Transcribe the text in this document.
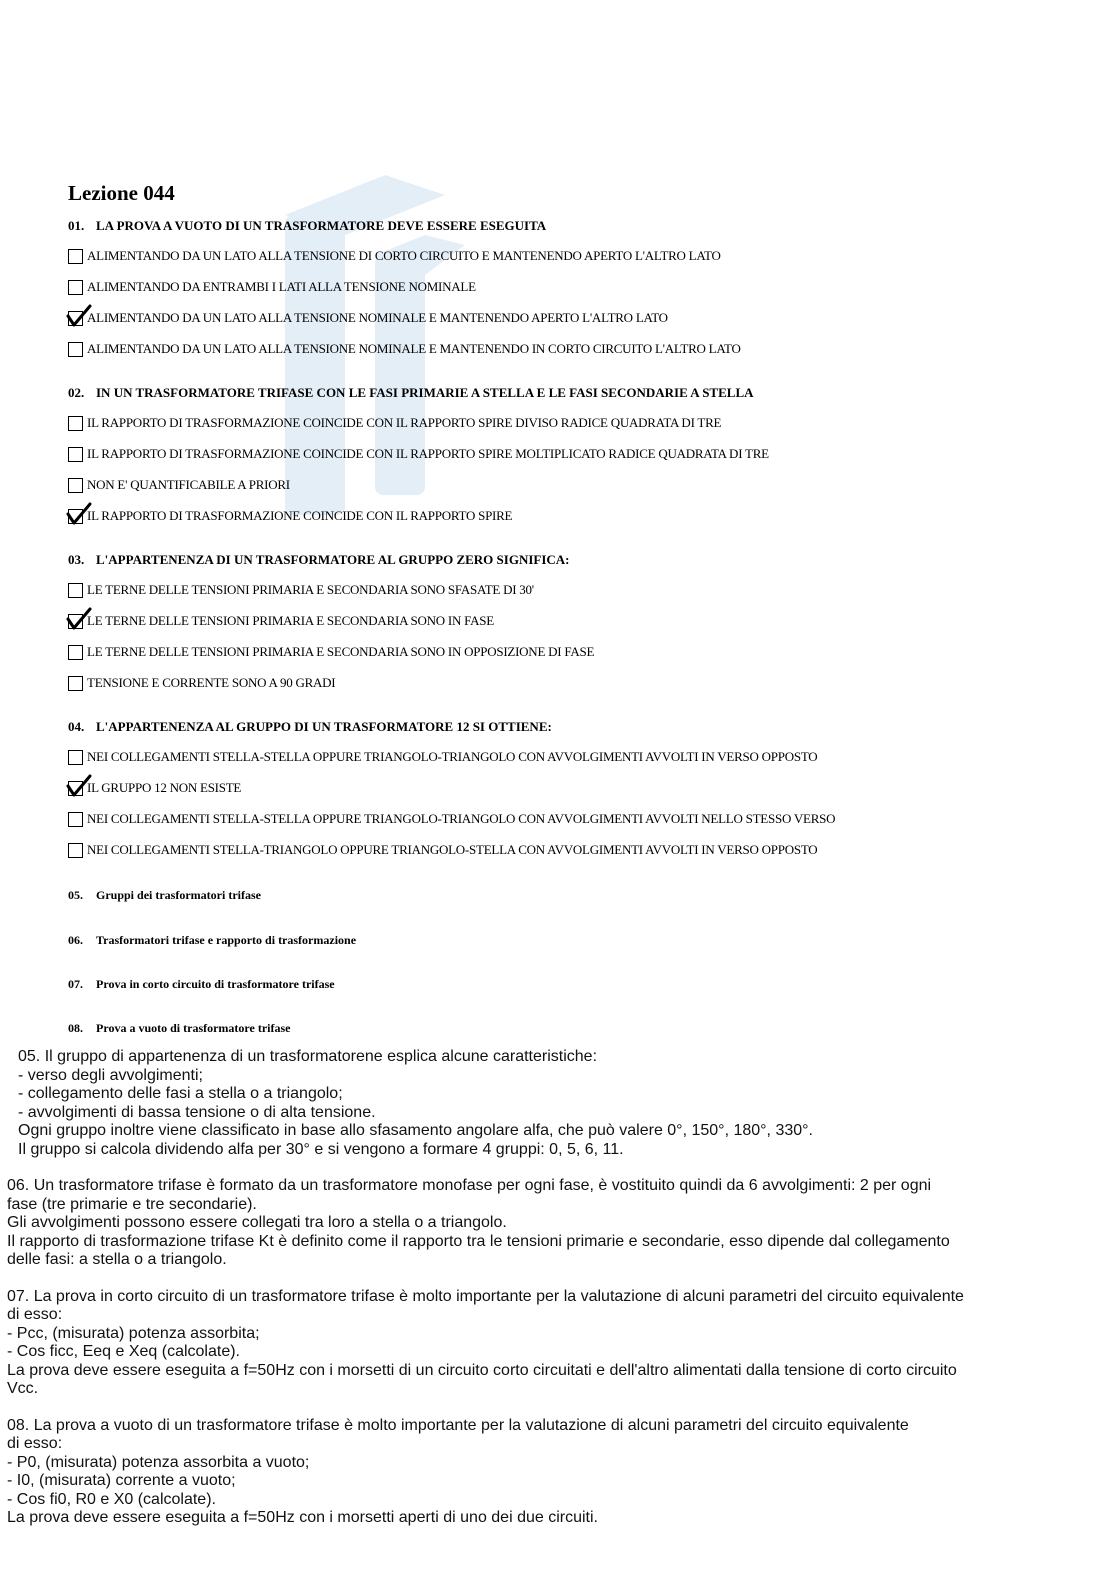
Lezione 044
01. LA PROVA A VUOTO DI UN TRASFORMATORE DEVE ESSERE ESEGUITA
ALIMENTANDO DA UN LATO ALLA TENSIONE DI CORTO CIRCUITO E MANTENENDO APERTO L'ALTRO LATO
ALIMENTANDO DA ENTRAMBI I LATI ALLA TENSIONE NOMINALE
ALIMENTANDO DA UN LATO ALLA TENSIONE NOMINALE E MANTENENDO APERTO L'ALTRO LATO
ALIMENTANDO DA UN LATO ALLA TENSIONE NOMINALE E MANTENENDO IN CORTO CIRCUITO L'ALTRO LATO
02. IN UN TRASFORMATORE TRIFASE CON LE FASI PRIMARIE A STELLA E LE FASI SECONDARIE A STELLA
IL RAPPORTO DI TRASFORMAZIONE COINCIDE CON IL RAPPORTO SPIRE DIVISO RADICE QUADRATA DI TRE
IL RAPPORTO DI TRASFORMAZIONE COINCIDE CON IL RAPPORTO SPIRE MOLTIPLICATO RADICE QUADRATA DI TRE
NON E' QUANTIFICABILE A PRIORI
IL RAPPORTO DI TRASFORMAZIONE COINCIDE CON IL RAPPORTO SPIRE
03. L'APPARTENENZA DI UN TRASFORMATORE AL GRUPPO ZERO SIGNIFICA:
LE TERNE DELLE TENSIONI PRIMARIA E SECONDARIA SONO SFASATE DI 30'
LE TERNE DELLE TENSIONI PRIMARIA E SECONDARIA SONO IN FASE
LE TERNE DELLE TENSIONI PRIMARIA E SECONDARIA SONO IN OPPOSIZIONE DI FASE
TENSIONE E CORRENTE SONO A 90 GRADI
04. L'APPARTENENZA AL GRUPPO DI UN TRASFORMATORE 12 SI OTTIENE:
NEI COLLEGAMENTI STELLA-STELLA OPPURE TRIANGOLO-TRIANGOLO CON AVVOLGIMENTI AVVOLTI IN VERSO OPPOSTO
IL GRUPPO 12 NON ESISTE
NEI COLLEGAMENTI STELLA-STELLA OPPURE TRIANGOLO-TRIANGOLO CON AVVOLGIMENTI AVVOLTI NELLO STESSO VERSO
NEI COLLEGAMENTI STELLA-TRIANGOLO OPPURE TRIANGOLO-STELLA CON AVVOLGIMENTI AVVOLTI IN VERSO OPPOSTO
05. Gruppi dei trasformatori trifase
06. Trasformatori trifase e rapporto di trasformazione
07. Prova in corto circuito di trasformatore trifase
08. Prova a vuoto di trasformatore trifase
05. Il gruppo di appartenenza di un trasformatorene esplica alcune caratteristiche:
- verso degli avvolgimenti;
- collegamento delle fasi a stella o a triangolo;
- avvolgimenti di bassa tensione o di alta tensione.
Ogni gruppo inoltre viene classificato in base allo sfasamento angolare alfa, che può valere 0°, 150°, 180°, 330°.
Il gruppo si calcola dividendo alfa per 30° e si vengono a formare 4 gruppi: 0, 5, 6, 11.
06. Un trasformatore trifase è formato da un trasformatore monofase per ogni fase, è vostituito quindi da 6 avvolgimenti: 2 per ogni
fase (tre primarie e tre secondarie).
Gli avvolgimenti possono essere collegati tra loro a stella o a triangolo.
Il rapporto di trasformazione trifase Kt è definito come il rapporto tra le tensioni primarie e secondarie, esso dipende dal collegamento
delle fasi: a stella o a triangolo.
07. La prova in corto circuito di un trasformatore trifase è molto importante per la valutazione di alcuni parametri del circuito equivalente
di esso:
- Pcc, (misurata) potenza assorbita;
- Cos ficc, Eeq e Xeq (calcolate).
La prova deve essere eseguita a f=50Hz con i morsetti di un circuito corto circuitati e dell'altro alimentati dalla tensione di corto circuito
Vcc.
08. La prova a vuoto di un trasformatore trifase è molto importante per la valutazione di alcuni parametri del circuito equivalente
di esso:
- P0, (misurata) potenza assorbita a vuoto;
- I0, (misurata) corrente a vuoto;
- Cos fi0, R0 e X0 (calcolate).
La prova deve essere eseguita a f=50Hz con i morsetti aperti di uno dei due circuiti.
